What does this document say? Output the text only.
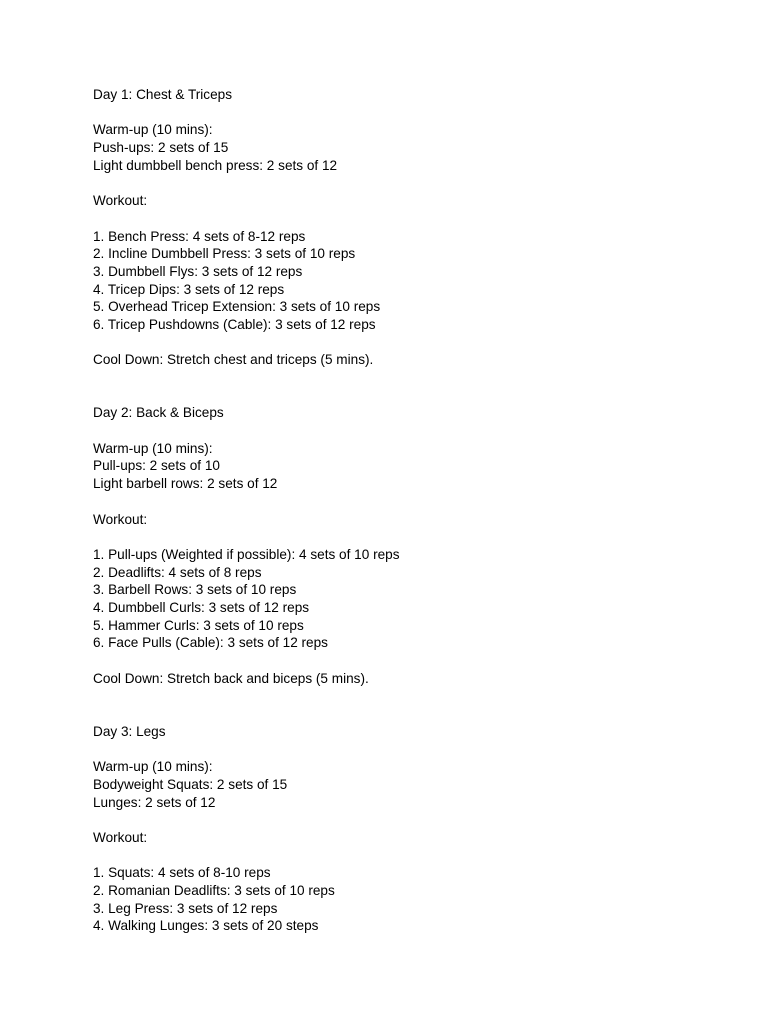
Day 1: Chest & Triceps
Warm-up (10 mins):
Push-ups: 2 sets of 15
Light dumbbell bench press: 2 sets of 12
Workout:
1. Bench Press: 4 sets of 8-12 reps
2. Incline Dumbbell Press: 3 sets of 10 reps
3. Dumbbell Flys: 3 sets of 12 reps
4. Tricep Dips: 3 sets of 12 reps
5. Overhead Tricep Extension: 3 sets of 10 reps
6. Tricep Pushdowns (Cable): 3 sets of 12 reps
Cool Down: Stretch chest and triceps (5 mins).
Day 2: Back & Biceps
Warm-up (10 mins):
Pull-ups: 2 sets of 10
Light barbell rows: 2 sets of 12
Workout:
1. Pull-ups (Weighted if possible): 4 sets of 10 reps
2. Deadlifts: 4 sets of 8 reps
3. Barbell Rows: 3 sets of 10 reps
4. Dumbbell Curls: 3 sets of 12 reps
5. Hammer Curls: 3 sets of 10 reps
6. Face Pulls (Cable): 3 sets of 12 reps
Cool Down: Stretch back and biceps (5 mins).
Day 3: Legs
Warm-up (10 mins):
Bodyweight Squats: 2 sets of 15
Lunges: 2 sets of 12
Workout:
1. Squats: 4 sets of 8-10 reps
2. Romanian Deadlifts: 3 sets of 10 reps
3. Leg Press: 3 sets of 12 reps
4. Walking Lunges: 3 sets of 20 steps
